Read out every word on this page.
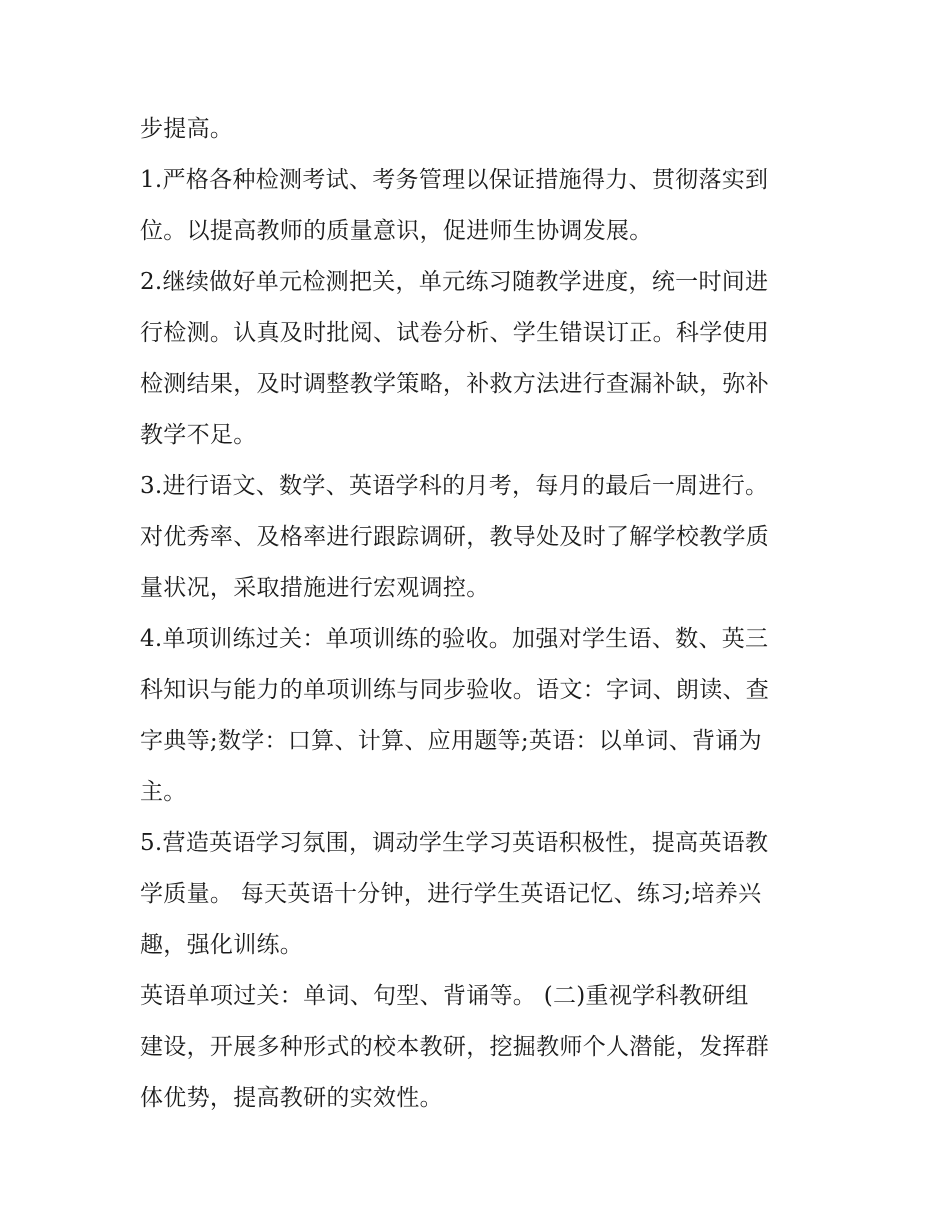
步提高。
1.严格各种检测考试、考务管理以保证措施得力、贯彻落实到
位。以提高教师的质量意识，促进师生协调发展。
2.继续做好单元检测把关，单元练习随教学进度，统一时间进
行检测。认真及时批阅、试卷分析、学生错误订正。科学使用
检测结果，及时调整教学策略，补救方法进行查漏补缺，弥补
教学不足。
3.进行语文、数学、英语学科的月考，每月的最后一周进行。
对优秀率、及格率进行跟踪调研，教导处及时了解学校教学质
量状况，采取措施进行宏观调控。
4.单项训练过关：单项训练的验收。加强对学生语、数、英三
科知识与能力的单项训练与同步验收。语文：字词、朗读、查
字典等;数学：口算、计算、应用题等;英语：以单词、背诵为
主。
5.营造英语学习氛围，调动学生学习英语积极性，提高英语教
学质量。 每天英语十分钟，进行学生英语记忆、练习;培养兴
趣，强化训练。
英语单项过关：单词、句型、背诵等。 (二)重视学科教研组
建设，开展多种形式的校本教研，挖掘教师个人潜能，发挥群
体优势，提高教研的实效性。
